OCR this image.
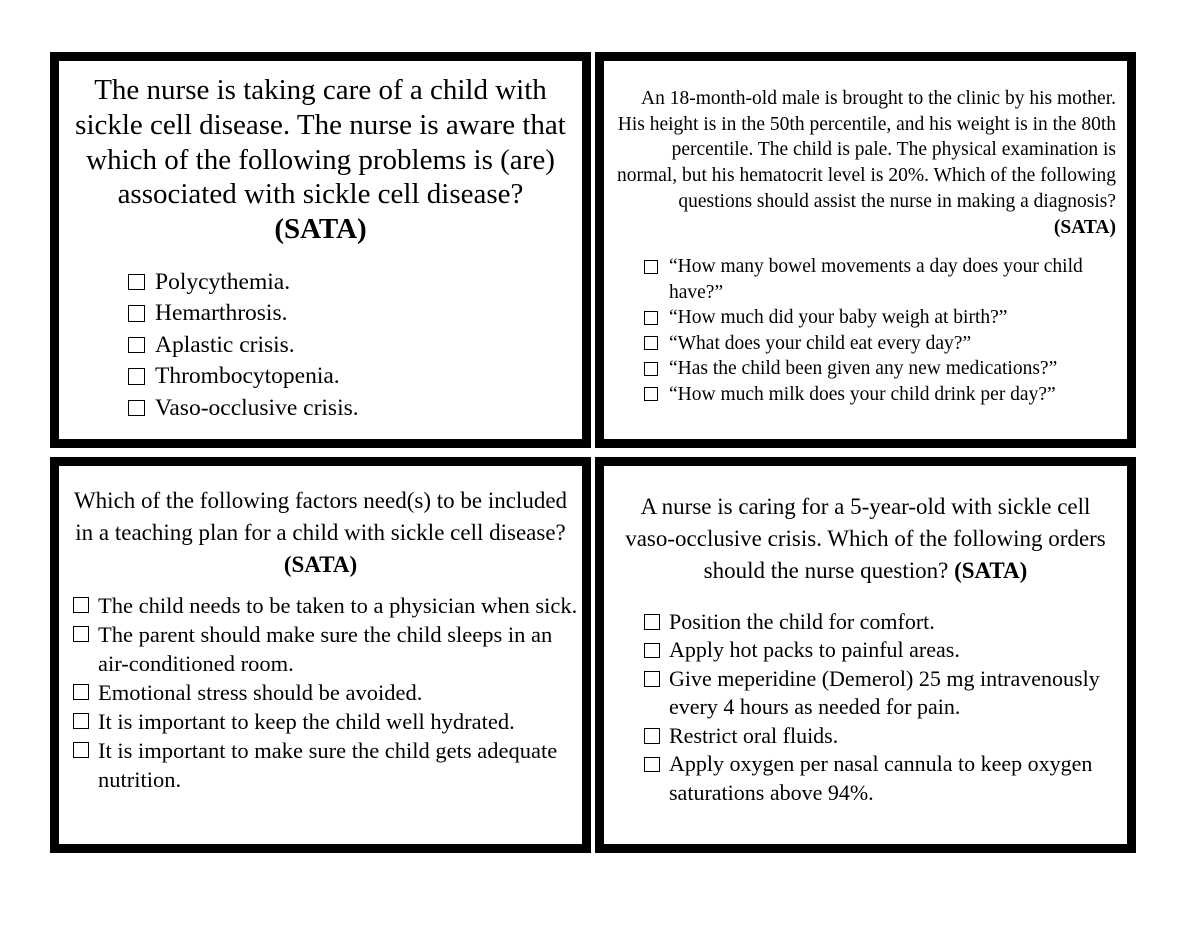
The nurse is taking care of a child with sickle cell disease. The nurse is aware that which of the following problems is (are) associated with sickle cell disease? (SATA)

Polycythemia.
Hemarthrosis.
Aplastic crisis.
Thrombocytopenia.
Vaso-occlusive crisis.

An 18-month-old male is brought to the clinic by his mother. His height is in the 50th percentile, and his weight is in the 80th percentile. The child is pale. The physical examination is normal, but his hematocrit level is 20%. Which of the following questions should assist the nurse in making a diagnosis? (SATA)

“How many bowel movements a day does your child have?”
“How much did your baby weigh at birth?”
“What does your child eat every day?”
“Has the child been given any new medications?”
“How much milk does your child drink per day?”

Which of the following factors need(s) to be included in a teaching plan for a child with sickle cell disease? (SATA)

The child needs to be taken to a physician when sick.
The parent should make sure the child sleeps in an air-conditioned room.
Emotional stress should be avoided.
It is important to keep the child well hydrated.
It is important to make sure the child gets adequate nutrition.

A nurse is caring for a 5-year-old with sickle cell vaso-occlusive crisis. Which of the following orders should the nurse question? (SATA)

Position the child for comfort.
Apply hot packs to painful areas.
Give meperidine (Demerol) 25 mg intravenously every 4 hours as needed for pain.
Restrict oral fluids.
Apply oxygen per nasal cannula to keep oxygen saturations above 94%.
